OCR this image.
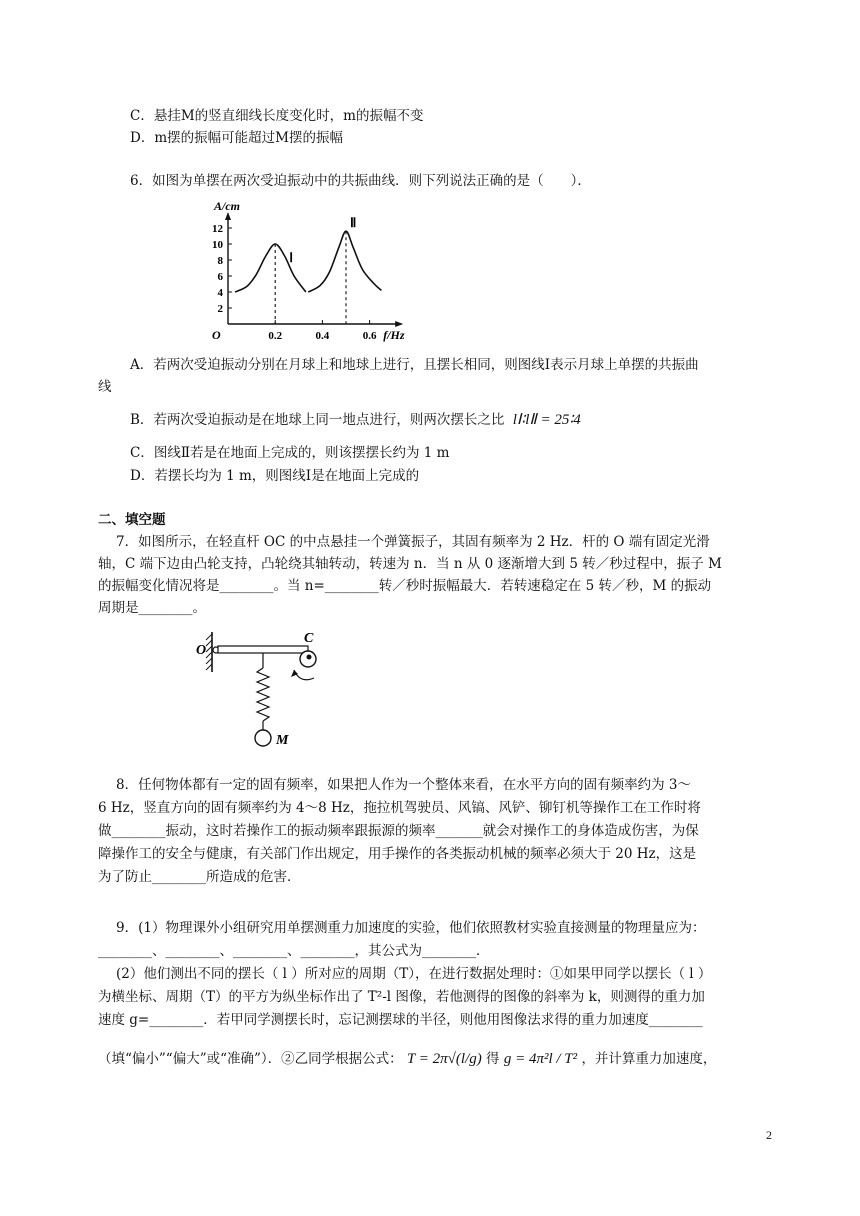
C．悬挂M的竖直细线长度变化时，m的振幅不变
D．m摆的振幅可能超过M摆的振幅
6．如图为单摆在两次受迫振动中的共振曲线．则下列说法正确的是（　　）．
2
4
6
8
10
12
0.2	0.4	0.6
A/cm
f/Hz
O
Ⅰ
Ⅱ
A．若两次受迫振动分别在月球上和地球上进行，且摆长相同，则图线Ⅰ表示月球上单摆的共振曲
线
B．若两次受迫振动是在地球上同一地点进行，则两次摆长之比 lⅠ∶lⅡ = 25∶4
C．图线Ⅱ若是在地面上完成的，则该摆摆长约为 1 m
D．若摆长均为 1 m，则图线Ⅰ是在地面上完成的
二、填空题
7．如图所示，在轻直杆 OC 的中点悬挂一个弹簧振子，其固有频率为 2 Hz．杆的 O 端有固定光滑
轴，C 端下边由凸轮支持，凸轮绕其轴转动，转速为 n．当 n 从 0 逐渐增大到 5 转／秒过程中，振子 M
的振幅变化情况将是________。当 n=________转／秒时振幅最大．若转速稳定在 5 转／秒，M 的振动
周期是________。
O
C
M
8．任何物体都有一定的固有频率，如果把人作为一个整体来看，在水平方向的固有频率约为 3～
6 Hz，竖直方向的固有频率约为 4～8 Hz，拖拉机驾驶员、风镐、风铲、铆钉机等操作工在工作时将
做________振动，这时若操作工的振动频率跟振源的频率_______就会对操作工的身体造成伤害，为保
障操作工的安全与健康，有关部门作出规定，用手操作的各类振动机械的频率必须大于 20 Hz，这是
为了防止________所造成的危害．
9．(1）物理课外小组研究用单摆测重力加速度的实验，他们依照教材实验直接测量的物理量应为：
________、________、________、________，其公式为________．
(2）他们测出不同的摆长（ l ）所对应的周期（T），在进行数据处理时：①如果甲同学以摆长（ l ）
为横坐标、周期（T）的平方为纵坐标作出了 T²-l 图像，若他测得的图像的斜率为 k，则测得的重力加
速度 g=________．若甲同学测摆长时，忘记测摆球的半径，则他用图像法求得的重力加速度________
（填“偏小”“偏大”或“准确”）．②乙同学根据公式： T = 2π√(l/g) 得 g = 4π²l / T² ，并计算重力加速度，
2
